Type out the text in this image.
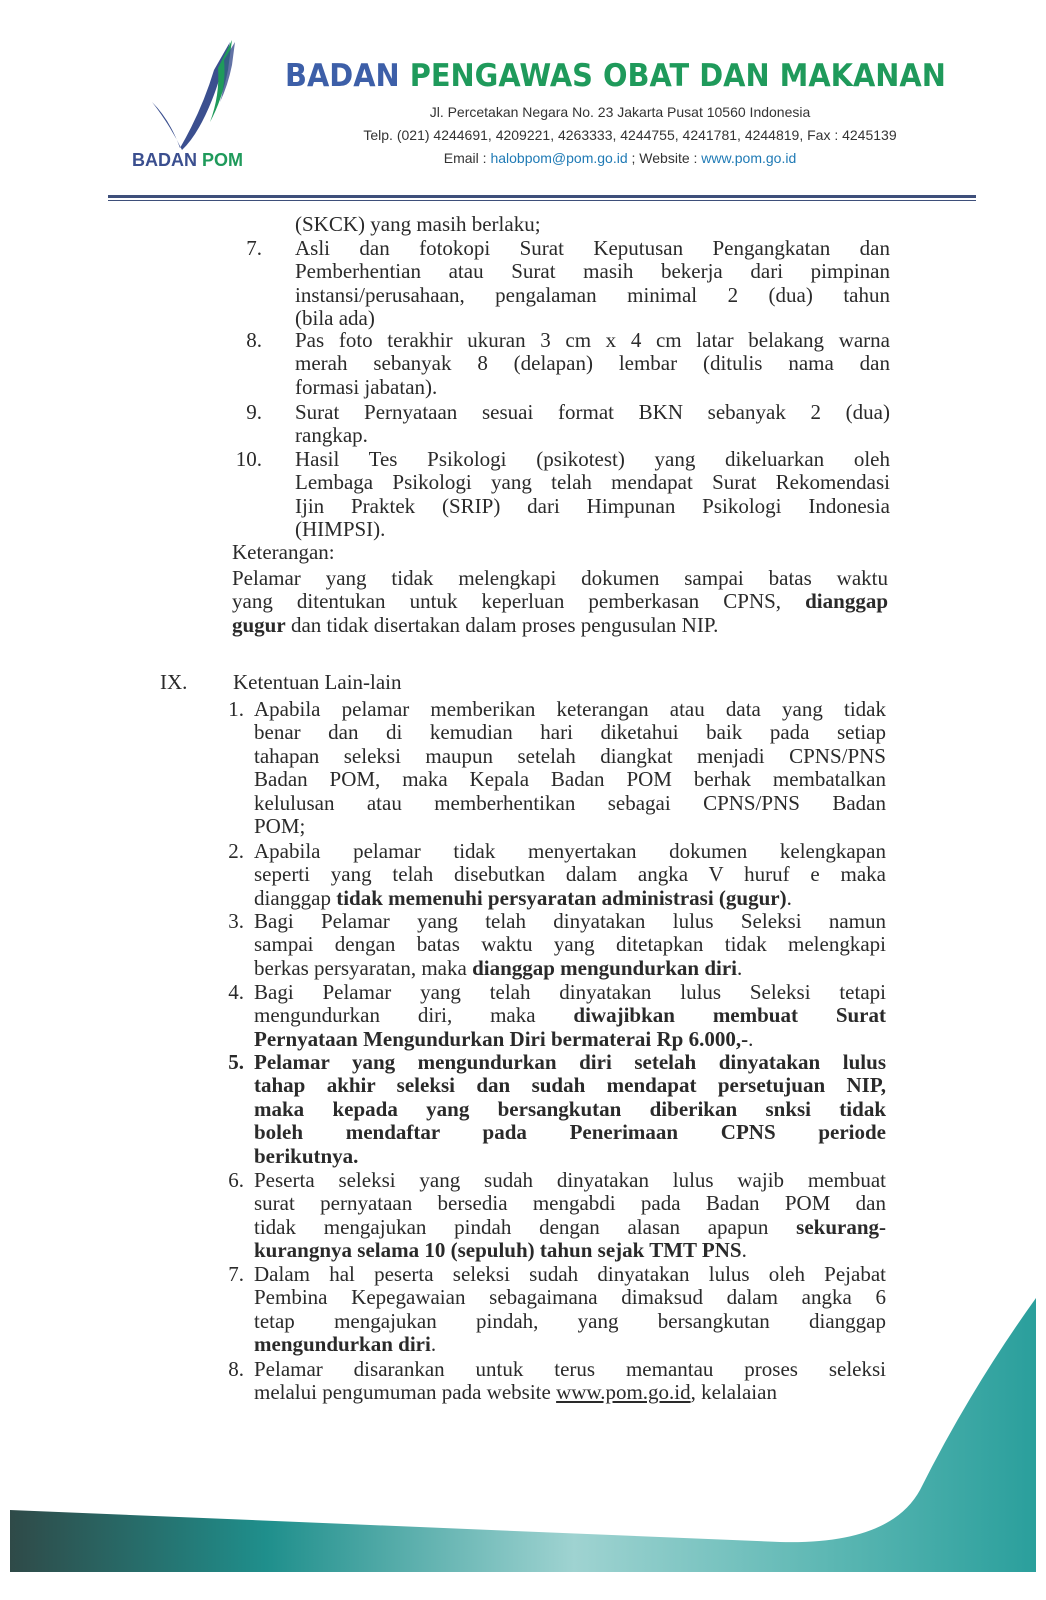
BADAN POM
BADAN PENGAWAS OBAT DAN MAKANAN
Jl. Percetakan Negara No. 23 Jakarta Pusat 10560 Indonesia
Telp. (021) 4244691, 4209221, 4263333, 4244755, 4241781, 4244819, Fax : 4245139
Email : halobpom@pom.go.id ; Website : www.pom.go.id
(SKCK) yang masih berlaku;
7. Asli dan fotokopi Surat Keputusan Pengangkatan dan
Pemberhentian atau Surat masih bekerja dari pimpinan
instansi/perusahaan, pengalaman minimal 2 (dua) tahun
(bila ada)
8. Pas foto terakhir ukuran 3 cm x 4 cm latar belakang warna
merah sebanyak 8 (delapan) lembar (ditulis nama dan
formasi jabatan).
9. Surat Pernyataan sesuai format BKN sebanyak 2 (dua)
rangkap.
10. Hasil Tes Psikologi (psikotest) yang dikeluarkan oleh
Lembaga Psikologi yang telah mendapat Surat Rekomendasi
Ijin Praktek (SRIP) dari Himpunan Psikologi Indonesia
(HIMPSI).
Keterangan:
Pelamar yang tidak melengkapi dokumen sampai batas waktu
yang ditentukan untuk keperluan pemberkasan CPNS, dianggap
gugur dan tidak disertakan dalam proses pengusulan NIP.
IX. Ketentuan Lain-lain
1. Apabila pelamar memberikan keterangan atau data yang tidak
benar dan di kemudian hari diketahui baik pada setiap
tahapan seleksi maupun setelah diangkat menjadi CPNS/PNS
Badan POM, maka Kepala Badan POM berhak membatalkan
kelulusan atau memberhentikan sebagai CPNS/PNS Badan
POM;
2. Apabila pelamar tidak menyertakan dokumen kelengkapan
seperti yang telah disebutkan dalam angka V huruf e maka
dianggap tidak memenuhi persyaratan administrasi (gugur).
3. Bagi Pelamar yang telah dinyatakan lulus Seleksi namun
sampai dengan batas waktu yang ditetapkan tidak melengkapi
berkas persyaratan, maka dianggap mengundurkan diri.
4. Bagi Pelamar yang telah dinyatakan lulus Seleksi tetapi
mengundurkan diri, maka diwajibkan membuat Surat
Pernyataan Mengundurkan Diri bermaterai Rp 6.000,-.
5. Pelamar yang mengundurkan diri setelah dinyatakan lulus
tahap akhir seleksi dan sudah mendapat persetujuan NIP,
maka kepada yang bersangkutan diberikan snksi tidak
boleh mendaftar pada Penerimaan CPNS periode
berikutnya.
6. Peserta seleksi yang sudah dinyatakan lulus wajib membuat
surat pernyataan bersedia mengabdi pada Badan POM dan
tidak mengajukan pindah dengan alasan apapun sekurang-
kurangnya selama 10 (sepuluh) tahun sejak TMT PNS.
7. Dalam hal peserta seleksi sudah dinyatakan lulus oleh Pejabat
Pembina Kepegawaian sebagaimana dimaksud dalam angka 6
tetap mengajukan pindah, yang bersangkutan dianggap
mengundurkan diri.
8. Pelamar disarankan untuk terus memantau proses seleksi
melalui pengumuman pada website www.pom.go.id, kelalaian
